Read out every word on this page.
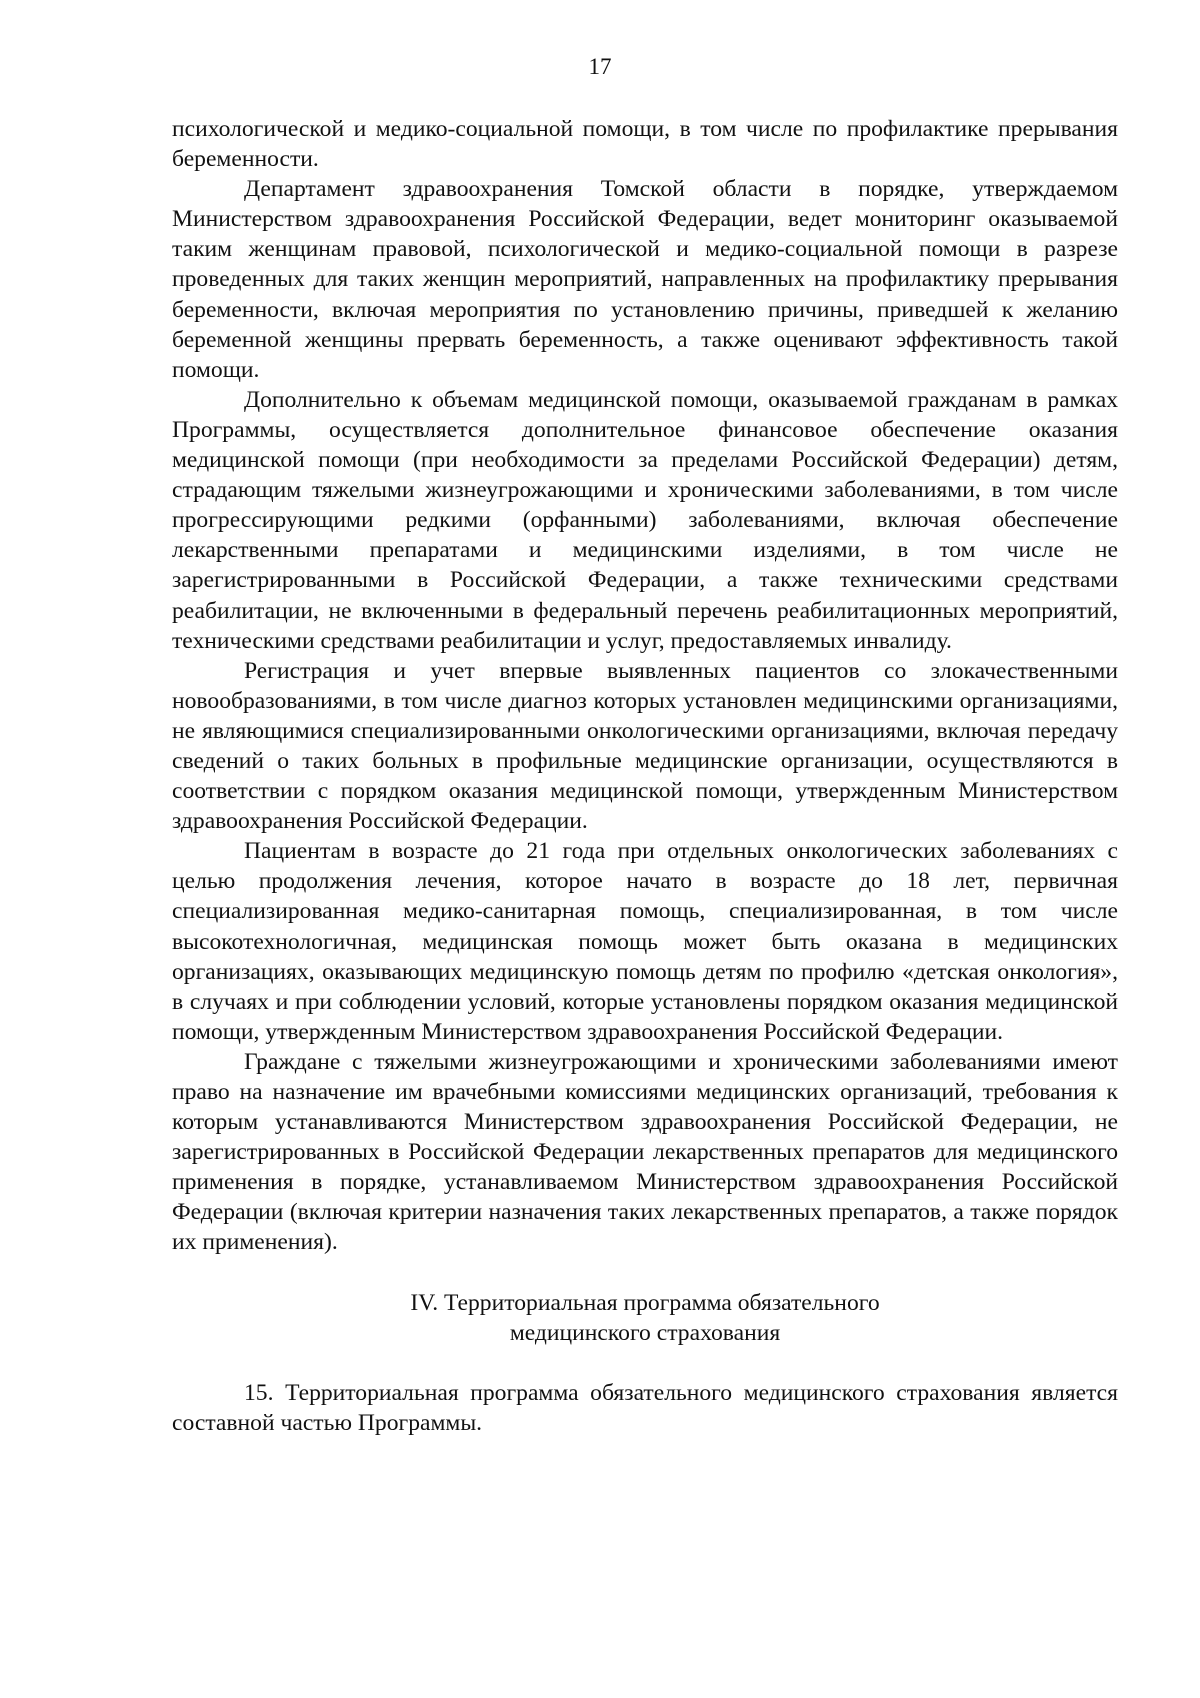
17

психологической и медико-социальной помощи, в том числе по профилактике прерывания беременности.

Департамент здравоохранения Томской области в порядке, утверждаемом Министерством здравоохранения Российской Федерации, ведет мониторинг оказываемой таким женщинам правовой, психологической и медико-социальной помощи в разрезе проведенных для таких женщин мероприятий, направленных на профилактику прерывания беременности, включая мероприятия по установлению причины, приведшей к желанию беременной женщины прервать беременность, а также оценивают эффективность такой помощи.

Дополнительно к объемам медицинской помощи, оказываемой гражданам в рамках Программы, осуществляется дополнительное финансовое обеспечение оказания медицинской помощи (при необходимости за пределами Российской Федерации) детям, страдающим тяжелыми жизнеугрожающими и хроническими заболеваниями, в том числе прогрессирующими редкими (орфанными) заболеваниями, включая обеспечение лекарственными препаратами и медицинскими изделиями, в том числе не зарегистрированными в Российской Федерации, а также техническими средствами реабилитации, не включенными в федеральный перечень реабилитационных мероприятий, техническими средствами реабилитации и услуг, предоставляемых инвалиду.

Регистрация и учет впервые выявленных пациентов со злокачественными новообразованиями, в том числе диагноз которых установлен медицинскими организациями, не являющимися специализированными онкологическими организациями, включая передачу сведений о таких больных в профильные медицинские организации, осуществляются в соответствии с порядком оказания медицинской помощи, утвержденным Министерством здравоохранения Российской Федерации.

Пациентам в возрасте до 21 года при отдельных онкологических заболеваниях с целью продолжения лечения, которое начато в возрасте до 18 лет, первичная специализированная медико-санитарная помощь, специализированная, в том числе высокотехнологичная, медицинская помощь может быть оказана в медицинских организациях, оказывающих медицинскую помощь детям по профилю «детская онкология», в случаях и при соблюдении условий, которые установлены порядком оказания медицинской помощи, утвержденным Министерством здравоохранения Российской Федерации.

Граждане с тяжелыми жизнеугрожающими и хроническими заболеваниями имеют право на назначение им врачебными комиссиями медицинских организаций, требования к которым устанавливаются Министерством здравоохранения Российской Федерации, не зарегистрированных в Российской Федерации лекарственных препаратов для медицинского применения в порядке, устанавливаемом Министерством здравоохранения Российской Федерации (включая критерии назначения таких лекарственных препаратов, а также порядок их применения).

IV. Территориальная программа обязательного
медицинского страхования

15. Территориальная программа обязательного медицинского страхования является составной частью Программы.
